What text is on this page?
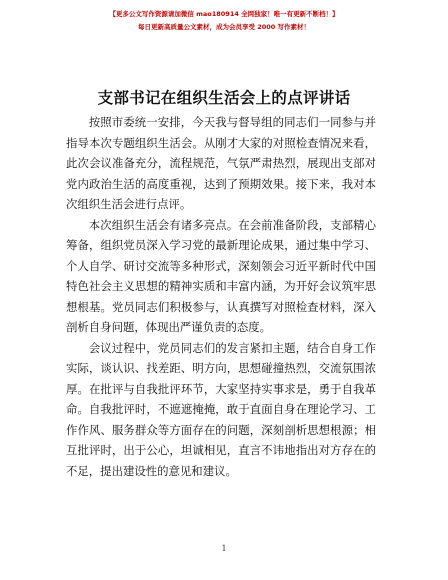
【更多公文写作资源请加微信 mao180914 全网独家！唯一有更新不断档！】
每日更新高质量公文素材，成为会员享受 2000 写作素材！
支部书记在组织生活会上的点评讲话

按照市委统一安排，今天我与督导组的同志们一同参与并指导本次专题组织生活会。从刚才大家的对照检查情况来看，此次会议准备充分，流程规范，气氛严肃热烈，展现出支部对党内政治生活的高度重视，达到了预期效果。接下来，我对本次组织生活会进行点评。

本次组织生活会有诸多亮点。在会前准备阶段，支部精心筹备，组织党员深入学习党的最新理论成果，通过集中学习、个人自学、研讨交流等多种形式，深刻领会习近平新时代中国特色社会主义思想的精神实质和丰富内涵，为开好会议筑牢思想根基。党员同志们积极参与，认真撰写对照检查材料，深入剖析自身问题，体现出严谨负责的态度。

会议过程中，党员同志们的发言紧扣主题，结合自身工作实际，谈认识、找差距、明方向，思想碰撞热烈，交流氛围浓厚。在批评与自我批评环节，大家坚持实事求是，勇于自我革命。自我批评时，不遮遮掩掩，敢于直面自身在理论学习、工作作风、服务群众等方面存在的问题，深刻剖析思想根源；相互批评时，出于公心，坦诚相见，直言不讳地指出对方存在的不足，提出建设性的意见和建议。

1
